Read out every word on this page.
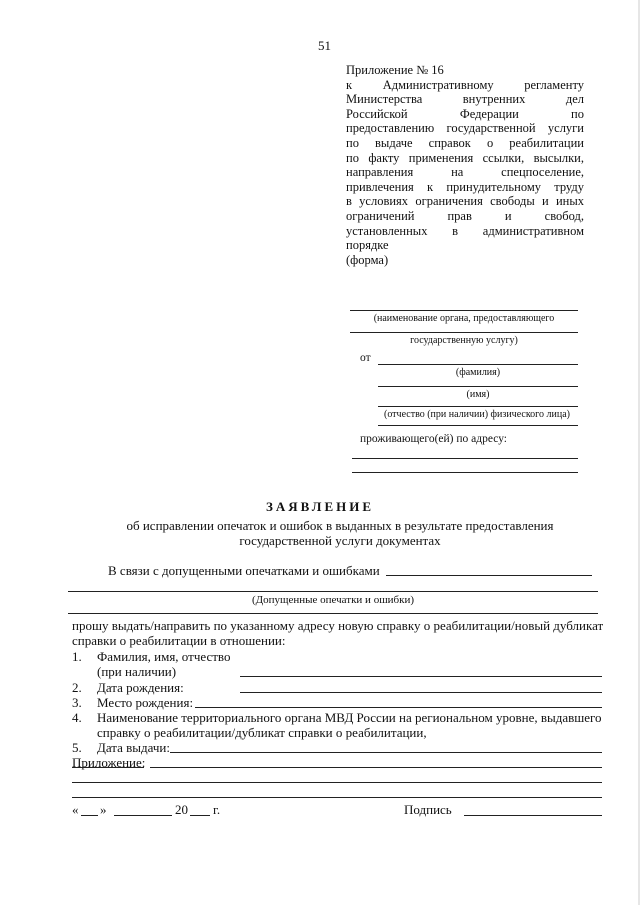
51
Приложение № 16
к Административному регламенту
Министерства внутренних дел
Российской Федерации по
предоставлению государственной услуги
по выдаче справок о реабилитации
по факту применения ссылки, высылки,
направления на спецпоселение,
привлечения к принудительному труду
в условиях ограничения свободы и иных
ограничений прав и свобод,
установленных в административном
порядке
(форма)
(наименование органа, предоставляющего
государственную услугу)
от
(фамилия)
(имя)
(отчество (при наличии) физического лица)
проживающего(ей) по адресу:
ЗАЯВЛЕНИЕ
об исправлении опечаток и ошибок в выданных в результате предоставления
государственной услуги документах
В связи с допущенными опечатками и ошибками
(Допущенные опечатки и ошибки)
прошу выдать/направить по указанному адресу новую справку о реабилитации/новый дубликат
справки о реабилитации в отношении:
1. Фамилия, имя, отчество
(при наличии)
2. Дата рождения:
3. Место рождения:
4. Наименование территориального органа МВД России на региональном уровне, выдавшего
справку о реабилитации/дубликат справки о реабилитации,
5. Дата выдачи:
Приложение:
« »	20 г.	Подпись
